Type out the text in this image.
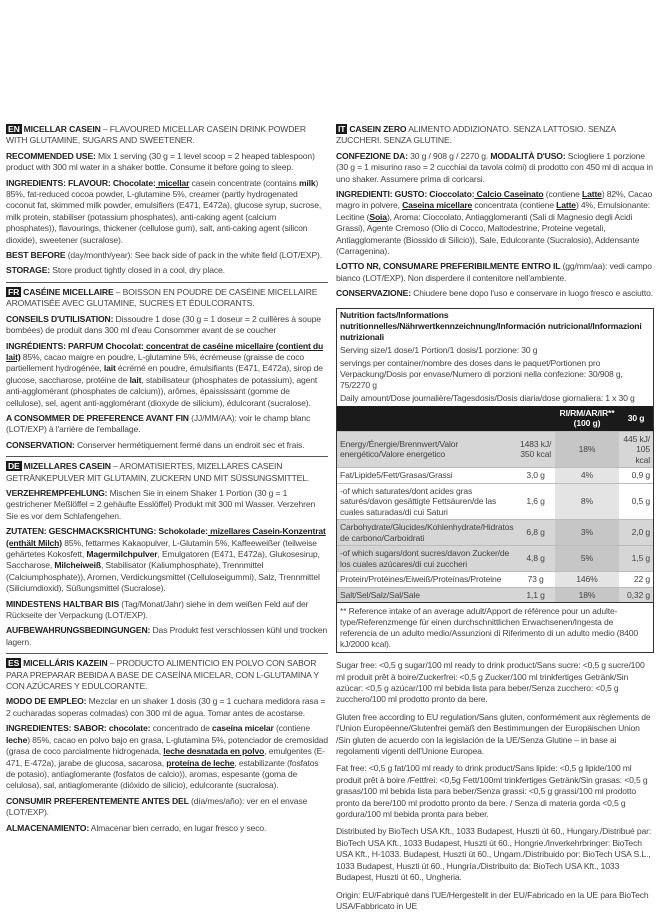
EN MICELLAR CASEIN – FLAVOURED MICELLAR CASEIN DRINK POWDER WITH GLUTAMINE, SUGARS AND SWEETENER.

RECOMMENDED USE: Mix 1 serving (30 g = 1 level scoop = 2 heaped tablespoon) product with 300 ml water in a shaker bottle. Consume it before going to sleep.

INGREDIENTS: FLAVOUR: Chocolate: micellar casein concentrate (contains milk) 85%, fat-reduced cocoa powder, L-glutamine 5%, creamer (partly hydrogenated coconut fat, skimmed milk powder, emulsifiers (E471, E472a), glucose syrup, sucrose, milk protein, stabiliser (potassium phosphates), anti-caking agent (calcium phosphates)), flavourings, thickener (cellulose gum), salt, anti-caking agent (silicon dioxide), sweetener (sucralose).

BEST BEFORE (day/month/year): See back side of pack in the white field (LOT/EXP).

STORAGE: Store product tightly closed in a cool, dry place.

FR CASÉINE MICELLAIRE – BOISSON EN POUDRE DE CASÉINE MICELLAIRE AROMATISÉE AVEC GLUTAMINE, SUCRES ET ÉDULCORANTS.

CONSEILS D'UTILISATION: Dissoudre 1 dose (30 g = 1 doseur = 2 cuillères à soupe bombées) de produit dans 300 ml d'eau Consommer avant de se coucher

INGRÉDIENTS: PARFUM Chocolat: concentrat de caséine micellaire (contient du lait) 85%, cacao maigre en poudre, L-glutamine 5%, écrémeuse (graisse de coco partiellement hydrogénée, lait écrémé en poudre, émulsifiants (E471, E472a), sirop de glucose, saccharose, protéine de lait, stabilisateur (phosphates de potassium), agent anti-agglomérant (phosphates de calcium)), arômes, épaississant (gomme de cellulose), sel, agent anti-agglomérant (dioxyde de silicium), édulcorant (sucralose).

A CONSOMMER DE PREFERENCE AVANT FIN (JJ/MM/AA): voir le champ blanc (LOT/EXP) à l'arrière de l'emballage.

CONSERVATION: Conserver hermétiquement fermé dans un endroit sec et frais.

DE MIZELLARES CASEIN – AROMATISIERTES, MIZELLARES CASEIN GETRÄNKEPULVER MIT GLUTAMIN, ZUCKERN UND MIT SÜSSUNGSMITTEL.

VERZEHREMPFEHLUNG: Mischen Sie in einem Shaker 1 Portion (30 g = 1 gestrichener Meßlöffel = 2 gehäufte Esslöffel) Produkt mit 300 ml Wasser. Verzehren Sie es vor dem Schlafengehen.

ZUTATEN: GESCHMACKSRICHTUNG: Schokolade: mizellares Casein-Konzentrat (enthält Milch) 85%, fettarmes Kakaopulver, L-Glutamin 5%, Kaffeeweißer (teilweise gehärtetes Kokosfett, Magermilchpulver, Emulgatoren (E471, E472a), Glukosesirup, Saccharose, Milcheiweiß, Stabilisator (Kaliumphosphate), Trennmittel (Calciumphosphate)), Aromen, Verdickungsmittel (Celluloseigummi), Salz, Trennmittel (Siliciumdioxid), Süßungsmittel (Sucralose).

MINDESTENS HALTBAR BIS (Tag/Monat/Jahr) siehe in dem weißen Feld auf der Rückseite der Verpackung (LOT/EXP).

AUFBEWAHRUNGSBEDINGUNGEN: Das Produkt fest verschlossen kühl und trocken lagern.

ES MICELLÁRIS KAZEIN – PRODUCTO ALIMENTICIO EN POLVO CON SABOR PARA PREPARAR BEBIDA A BASE DE CASEÍNA MICELAR, CON L-GLUTAMINA Y CON AZÚCARES Y EDULCORANTE.

MODO DE EMPLEO: Mezclar en un shaker 1 dosis (30 g = 1 cuchara medidora rasa = 2 cucharadas soperas colmadas) con 300 ml de agua. Tomar antes de acostarse.

INGREDIENTES: SABOR: chocolate: concentrado de caseína micelar (contiene leche) 85%, cacao en polvo bajo en grasa, L-glutamina 5%, potenciador de cremosidad (grasa de coco parcialmente hidrogenada, leche desnatada en polvo, emulgentes (E-471, E-472a), jarabe de glucosa, sacarosa, proteína de leche, estabilizante (fosfatos de potasio), antiaglomerante (fosfatos de calcio)), aromas, espesante (goma de celulosa), sal, antiaglomerante (dióxido de silicio), edulcorante (sucralosa).

CONSUMIR PREFERENTEMENTE ANTES DEL (día/mes/año): ver en el envase (LOT/EXP).

ALMACENAMIENTO: Almacenar bien cerrado, en lugar fresco y seco.

IT CASEIN ZERO ALIMENTO ADDIZIONATO. SENZA LATTOSIO. SENZA ZUCCHERI. SENZA GLUTINE.

CONFEZIONE DA: 30 g / 908 g / 2270 g. MODALITÀ D'USO: Sciogliere 1 porzione (30 g = 1 misurino raso = 2 cucchiai da tavola colmi) di prodotto con 450 ml di acqua in uno shaker. Assumere prima di coricarsi.

INGREDIENTI: GUSTO: Cioccolato: Calcio Caseinato (contiene Latte) 82%, Cacao magro in polvere, Caseina micellare concentrata (contiene Latte) 4%, Emulsionante: Lecitine (Soia), Aroma: Cioccolato, Antiagglomeranti (Sali di Magnesio degli Acidi Grassi), Agente Cremoso (Olio di Cocco, Maltodestrine, Proteine vegetali, Antiagglomerante (Biossido di Silicio)), Sale, Edulcorante (Sucralosio), Addensante (Carragenina).

LOTTO NR, CONSUMARE PREFERIBILMENTE ENTRO IL (gg/mm/aa): vedi campo bianco (LOT/EXP). Non disperdere il contenitore nell'ambiente.

CONSERVAZIONE: Chiudere bene dopo l'uso e conservare in luogo fresco e asciutto.

Nutrition facts/Informations nutritionnelles/Nährwertkennzeichnung/Información nutricional/Informazioni nutrizionali
Serving size/1 dose/1 Portion/1 dosis/1 porzione: 30 g
servings per container/nombre des doses dans le paquet/Portionen pro Verpackung/Dosis por envase/Numero di porzioni nella confezione: 30/908 g, 75/2270 g
Daily amount/Dose journalière/Tagesdosis/Dosis diaria/dose giornaliera: 1 x 30 g
		RI/RM/AR/IR**
(100 g)	30 g
Energy/Énergie/Brennwert/Valor energético/Valore energetico	1483 kJ/ 350 kcal	18%	445 kJ/ 105 kcal
Fat/Lipide5/Fett/Grasas/Grassi	3,0 g	4%	0,9 g
-of which saturates/dont acides gras saturés/davon gesättigte Fettsäuren/de las cuales saturadas/di cui Saturi	1,6 g	8%	0,5 g
Carbohydrate/Glucides/Kohlenhydrate/Hidratos de carbono/Carboidrati	6,8 g	3%	2,0 g
-of which sugars/dont sucres/davon Zucker/de los cuales azúcares/di cui zuccheri	4,8 g	5%	1,5 g
Protein/Protéines/Eiweiß/Proteínas/Proteine	73 g	146%	22 g
Salt/Sel/Salz/Sal/Sale	1,1 g	18%	0,32 g
** Reference intake of an average adult/Apport de référence pour un adulte-type/Referenzmenge für einen durchschnittlichen Erwachsenen/Ingesta de referencia de un adulto medio/Assunzioni di Riferimento di un adulto medio (8400 kJ/2000 kcal).

Sugar free: <0,5 g sugar/100 ml ready to drink product/Sans sucre: <0,5 g sucre/100 ml produit prêt à boire/Zuckerfrei: <0,5 g Zucker/100 ml trinkfertiges Getränk/Sin azúcar: <0,5 g azúcar/100 ml bebida lista para beber/Senza zucchero: <0,5 g zucchero/100 ml prodotto pronto da bere.

Gluten free according to EU regulation/Sans gluten, conformément aux règlements de l'Union Européenne/Glutenfrei gemäß den Bestimmungen der Europäischen Union /Sin gluten de acuerdo con la legislación de la UE/Senza Glutine – in base ai regolamenti vigenti dell'Unione Europea.

Fat free: <0,5 g fat/100 ml ready to drink product/Sans lipide: <0,5 g lipide/100 ml produit prêt à boire /Fettfrei: <0,5g Fett/100ml trinkfertiges Getränk/Sin grasas: <0,5 g grasas/100 ml bebida lista para beber/Senza grassi: <0,5 g grassi/100 ml prodotto pronto da bere/100 ml prodotto pronto da bere. / Senza di materia gorda <0,5 g gordura/100 ml bebida pronta para beber.

Distributed by BioTech USA Kft., 1033 Budapest, Huszti út 60., Hungary./Distribué par: BioTech USA Kft., 1033 Budapest, Huszti út 60., Hongrie./Inverkehrbringer: BioTech USA Kft., H-1033. Budapest, Huszti út 60., Ungarn./Distribuido por: BioTech USA S.L., 1033 Budapest, Huszti út 60., Hungría./Distribuito da: BioTech USA Kft., 1033 Budapest, Huszti út 60., Ungheria.

Origin: EU/Fabriqué dans l'UE/Hergestellt in der EU/Fabricado en la UE para BioTech USA/Fabbricato in UE
